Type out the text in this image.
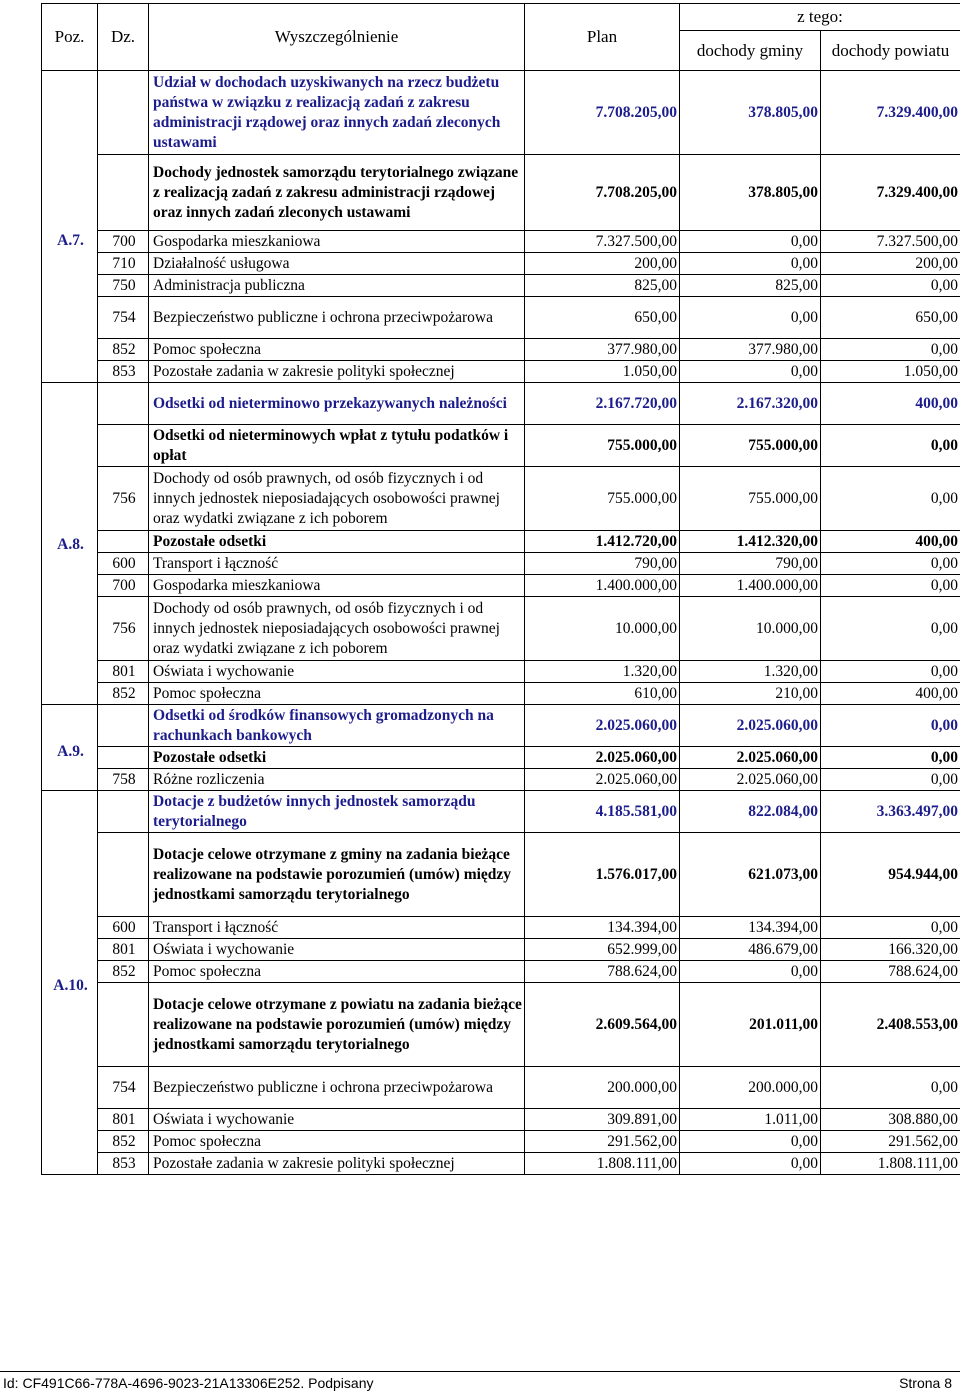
Poz.	Dz.	Wyszczególnienie	Plan	z tego:	
				dochody gminy	dochody powiatu
A.7.		Udział w dochodach uzyskiwanych na rzecz budżetu państwa w związku z realizacją zadań z zakresu administracji rządowej oraz innych zadań zleconych ustawami	7.708.205,00	378.805,00	7.329.400,00
		Dochody jednostek samorządu terytorialnego związane z realizacją zadań z zakresu administracji rządowej oraz innych zadań zleconych ustawami	7.708.205,00	378.805,00	7.329.400,00
	700	Gospodarka mieszkaniowa	7.327.500,00	0,00	7.327.500,00
	710	Działalność usługowa	200,00	0,00	200,00
	750	Administracja publiczna	825,00	825,00	0,00
	754	Bezpieczeństwo publiczne i ochrona przeciwpożarowa	650,00	0,00	650,00
	852	Pomoc społeczna	377.980,00	377.980,00	0,00
	853	Pozostałe zadania w zakresie polityki społecznej	1.050,00	0,00	1.050,00
A.8.		Odsetki od nieterminowo przekazywanych należności	2.167.720,00	2.167.320,00	400,00
		Odsetki od nieterminowych wpłat z tytułu podatków i opłat	755.000,00	755.000,00	0,00
	756	Dochody od osób prawnych, od osób fizycznych i od innych jednostek nieposiadających osobowości prawnej oraz wydatki związane z ich poborem	755.000,00	755.000,00	0,00
		Pozostałe odsetki	1.412.720,00	1.412.320,00	400,00
	600	Transport i łączność	790,00	790,00	0,00
	700	Gospodarka mieszkaniowa	1.400.000,00	1.400.000,00	0,00
	756	Dochody od osób prawnych, od osób fizycznych i od innych jednostek nieposiadających osobowości prawnej oraz wydatki związane z ich poborem	10.000,00	10.000,00	0,00
	801	Oświata i wychowanie	1.320,00	1.320,00	0,00
	852	Pomoc społeczna	610,00	210,00	400,00
A.9.		Odsetki od środków finansowych gromadzonych na rachunkach bankowych	2.025.060,00	2.025.060,00	0,00
		Pozostałe odsetki	2.025.060,00	2.025.060,00	0,00
	758	Różne rozliczenia	2.025.060,00	2.025.060,00	0,00
A.10.		Dotacje z budżetów innych jednostek samorządu terytorialnego	4.185.581,00	822.084,00	3.363.497,00
		Dotacje celowe otrzymane z gminy na zadania bieżące realizowane na podstawie porozumień (umów) między jednostkami samorządu terytorialnego	1.576.017,00	621.073,00	954.944,00
	600	Transport i łączność	134.394,00	134.394,00	0,00
	801	Oświata i wychowanie	652.999,00	486.679,00	166.320,00
	852	Pomoc społeczna	788.624,00	0,00	788.624,00
		Dotacje celowe otrzymane z powiatu na zadania bieżące realizowane na podstawie porozumień (umów) między jednostkami samorządu terytorialnego	2.609.564,00	201.011,00	2.408.553,00
	754	Bezpieczeństwo publiczne i ochrona przeciwpożarowa	200.000,00	200.000,00	0,00
	801	Oświata i wychowanie	309.891,00	1.011,00	308.880,00
	852	Pomoc społeczna	291.562,00	0,00	291.562,00
	853	Pozostałe zadania w zakresie polityki społecznej	1.808.111,00	0,00	1.808.111,00
Id: CF491C66-778A-4696-9023-21A13306E252. Podpisany	Strona 8
